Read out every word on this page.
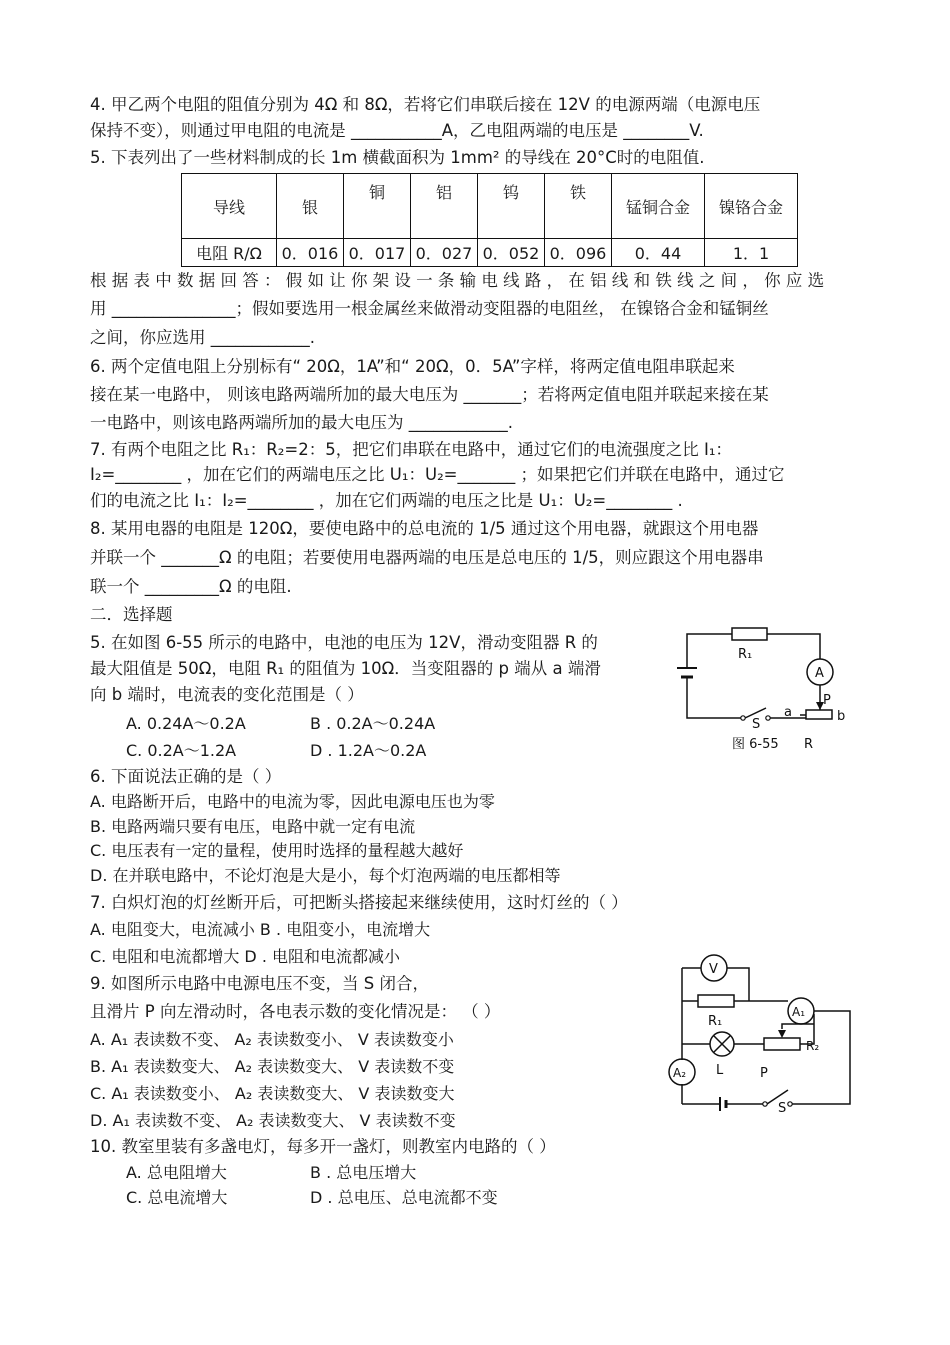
4. 甲乙两个电阻的阻值分别为 4Ω 和 8Ω，若将它们串联后接在 12V 的电源两端（电源电压
保持不变），则通过甲电阻的电流是 ___________A，乙电阻两端的电压是 ________V.
5. 下表列出了一些材料制成的长 1m 横截面积为 1mm² 的导线在 20°C时的电阻值.
导线	银	铜	铝	钨	铁	锰铜合金	镍铬合金
电阻 R/Ω	0．016	0．017	0．027	0．052	0．096	0．44	1．1
根 据 表 中 数 据 回 答 ： 假 如 让 你 架 设 一 条 输 电 线 路 ， 在 铝 线 和 铁 线 之 间 ， 你 应 选
用 _______________；假如要选用一根金属丝来做滑动变阻器的电阻丝， 在镍铬合金和锰铜丝
之间，你应选用 ____________.
6. 两个定值电阻上分别标有“ 20Ω，1A”和“ 20Ω，0．5A”字样，将两定值电阻串联起来
接在某一电路中， 则该电路两端所加的最大电压为 _______；若将两定值电阻并联起来接在某
一电路中，则该电路两端所加的最大电压为 ____________.
7. 有两个电阻之比 R₁：R₂=2：5，把它们串联在电路中，通过它们的电流强度之比 I₁：
I₂=________ ，加在它们的两端电压之比 U₁：U₂=_______ ；如果把它们并联在电路中，通过它
们的电流之比 I₁：I₂=________ ，加在它们两端的电压之比是 U₁：U₂=________ .
8. 某用电器的电阻是 120Ω，要使电路中的总电流的 1/5 通过这个用电器，就跟这个用电器
并联一个 _______Ω 的电阻；若要使用电器两端的电压是总电压的 1/5，则应跟这个用电器串
联一个 _________Ω 的电阻.
二．选择题
5. 在如图 6-55 所示的电路中，电池的电压为 12V，滑动变阻器 R 的
最大阻值是 50Ω，电阻 R₁ 的阻值为 10Ω．当变阻器的 p 端从 a 端滑
向 b 端时，电流表的变化范围是（ ）
A. 0.24A～0.2A	B . 0.2A～0.24A
C. 0.2A～1.2A	D . 1.2A～0.2A
R₁
A
P
a	b
S
图 6-55 R
6. 下面说法正确的是（ ）
A. 电路断开后，电路中的电流为零，因此电源电压也为零
B. 电路两端只要有电压，电路中就一定有电流
C. 电压表有一定的量程，使用时选择的量程越大越好
D. 在并联电路中，不论灯泡是大是小，每个灯泡两端的电压都相等
7. 白炽灯泡的灯丝断开后，可把断头搭接起来继续使用，这时灯丝的（ ）
A. 电阻变大，电流减小 B . 电阻变小，电流增大
C. 电阻和电流都增大 D . 电阻和电流都减小
9. 如图所示电路中电源电压不变，当 S 闭合，
且滑片 P 向左滑动时，各电表示数的变化情况是： （ ）
A. A₁ 表读数不变、 A₂ 表读数变小、 V 表读数变小
B. A₁ 表读数变大、 A₂ 表读数变大、 V 表读数不变
C. A₁ 表读数变小、 A₂ 表读数变大、 V 表读数变大
D. A₁ 表读数不变、 A₂ 表读数变大、 V 表读数不变
V
A₁
R₁
R₂
A₂ L	P
S
10. 教室里装有多盏电灯，每多开一盏灯，则教室内电路的（ ）
A. 总电阻增大	B . 总电压增大
C. 总电流增大	D . 总电压、总电流都不变
